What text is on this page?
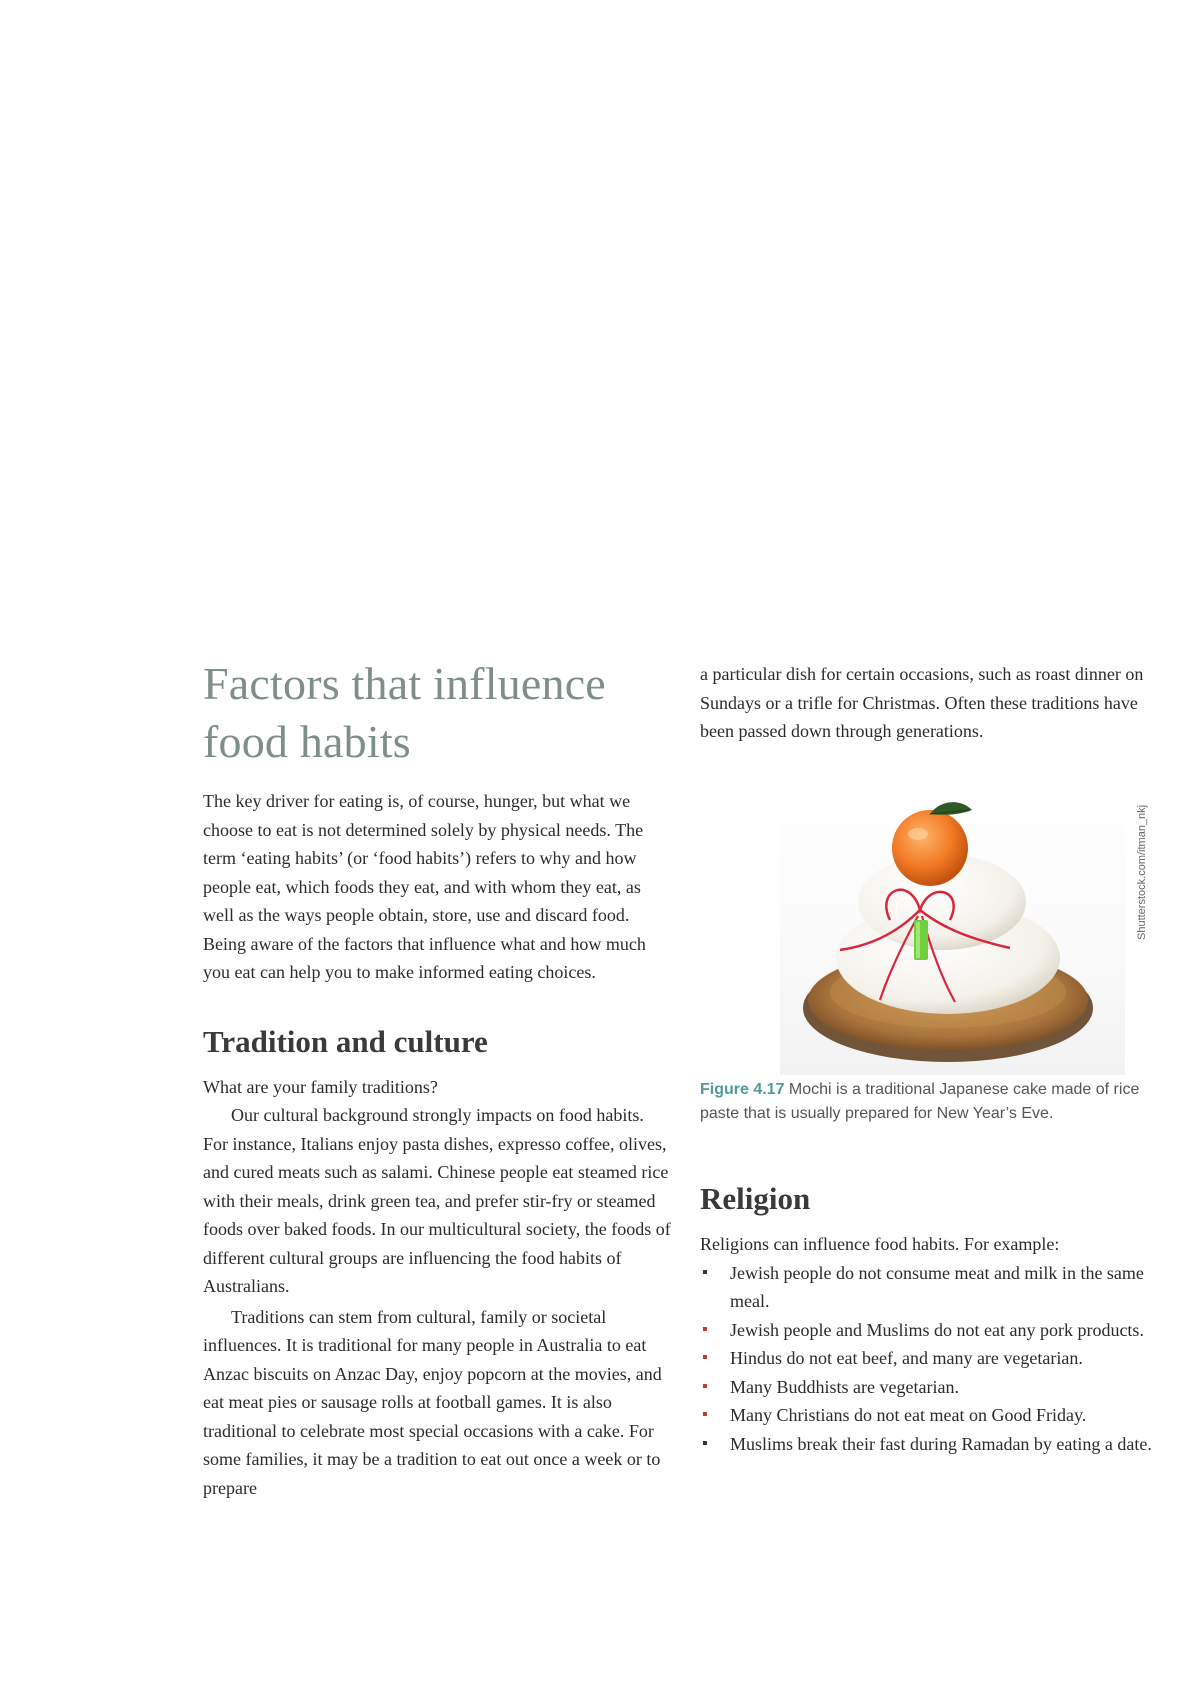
Factors that influence
food habits

The key driver for eating is, of course, hunger, but what we choose to eat is not determined solely by physical needs. The term ‘eating habits’ (or ‘food habits’) refers to why and how people eat, which foods they eat, and with whom they eat, as well as the ways people obtain, store, use and discard food. Being aware of the factors that influence what and how much you eat can help you to make informed eating choices.

Tradition and culture

What are your family traditions?

Our cultural background strongly impacts on food habits. For instance, Italians enjoy pasta dishes, expresso coffee, olives, and cured meats such as salami. Chinese people eat steamed rice with their meals, drink green tea, and prefer stir-fry or steamed foods over baked foods. In our multicultural society, the foods of different cultural groups are influencing the food habits of Australians.

Traditions can stem from cultural, family or societal influences. It is traditional for many people in Australia to eat Anzac biscuits on Anzac Day, enjoy popcorn at the movies, and eat meat pies or sausage rolls at football games. It is also traditional to celebrate most special occasions with a cake. For some families, it may be a tradition to eat out once a week or to prepare

a particular dish for certain occasions, such as roast dinner on Sundays or a trifle for Christmas. Often these traditions have been passed down through generations.

Shutterstock.com/itman_nkj
Figure 4.17 Mochi is a traditional Japanese cake made of rice paste that is usually prepared for New Year’s Eve.
Religion

Religions can influence food habits. For example:

▪ Jewish people do not consume meat and milk in the same meal.
▪ Jewish people and Muslims do not eat any pork products.
▪ Hindus do not eat beef, and many are vegetarian.
▪ Many Buddhists are vegetarian.
▪ Many Christians do not eat meat on Good Friday.
▪ Muslims break their fast during Ramadan by eating a date.
